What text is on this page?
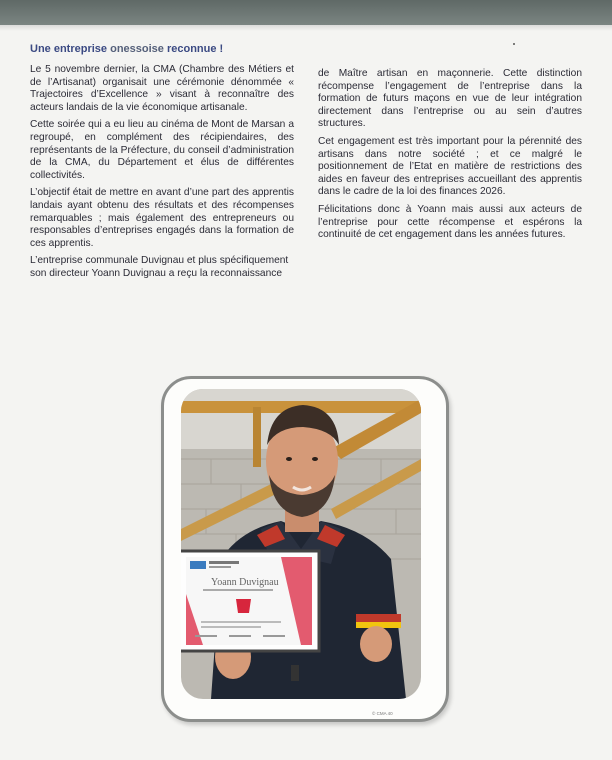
Une entreprise onessoise reconnue !

Le 5 novembre dernier, la CMA (Chambre des Métiers et de l’Artisanat) organisait une cérémonie dénommée « Trajectoires d’Excellence » visant à reconnaître des acteurs landais de la vie économique artisanale.

Cette soirée qui a eu lieu au cinéma de Mont de Marsan a regroupé, en complément des récipiendaires, des représentants de la Préfecture, du conseil d’administration de la CMA, du Département et élus de différentes collectivités.

L’objectif était de mettre en avant d’une part des apprentis landais ayant obtenu des résultats et des récompenses remarquables ; mais également des entrepreneurs ou responsables d’entreprises engagés dans la formation de ces apprentis.

L’entreprise communale Duvignau et plus spécifiquement son directeur Yoann Duvignau a reçu la reconnaissance

de Maître artisan en maçonnerie. Cette distinction récompense l’engagement de l’entreprise dans la formation de futurs maçons en vue de leur intégration directement dans l’entreprise ou au sein d’autres structures.

Cet engagement est très important pour la pérennité des artisans dans notre société ; et ce malgré le positionnement de l’Etat en matière de restrictions des aides en faveur des entreprises accueillant des apprentis dans le cadre de la loi des finances 2026.

Félicitations donc à Yoann mais aussi aux acteurs de l’entreprise pour cette récompense et espérons la continuité de cet engagement dans les années futures.

Yoann Duvignau
© CMA 40
